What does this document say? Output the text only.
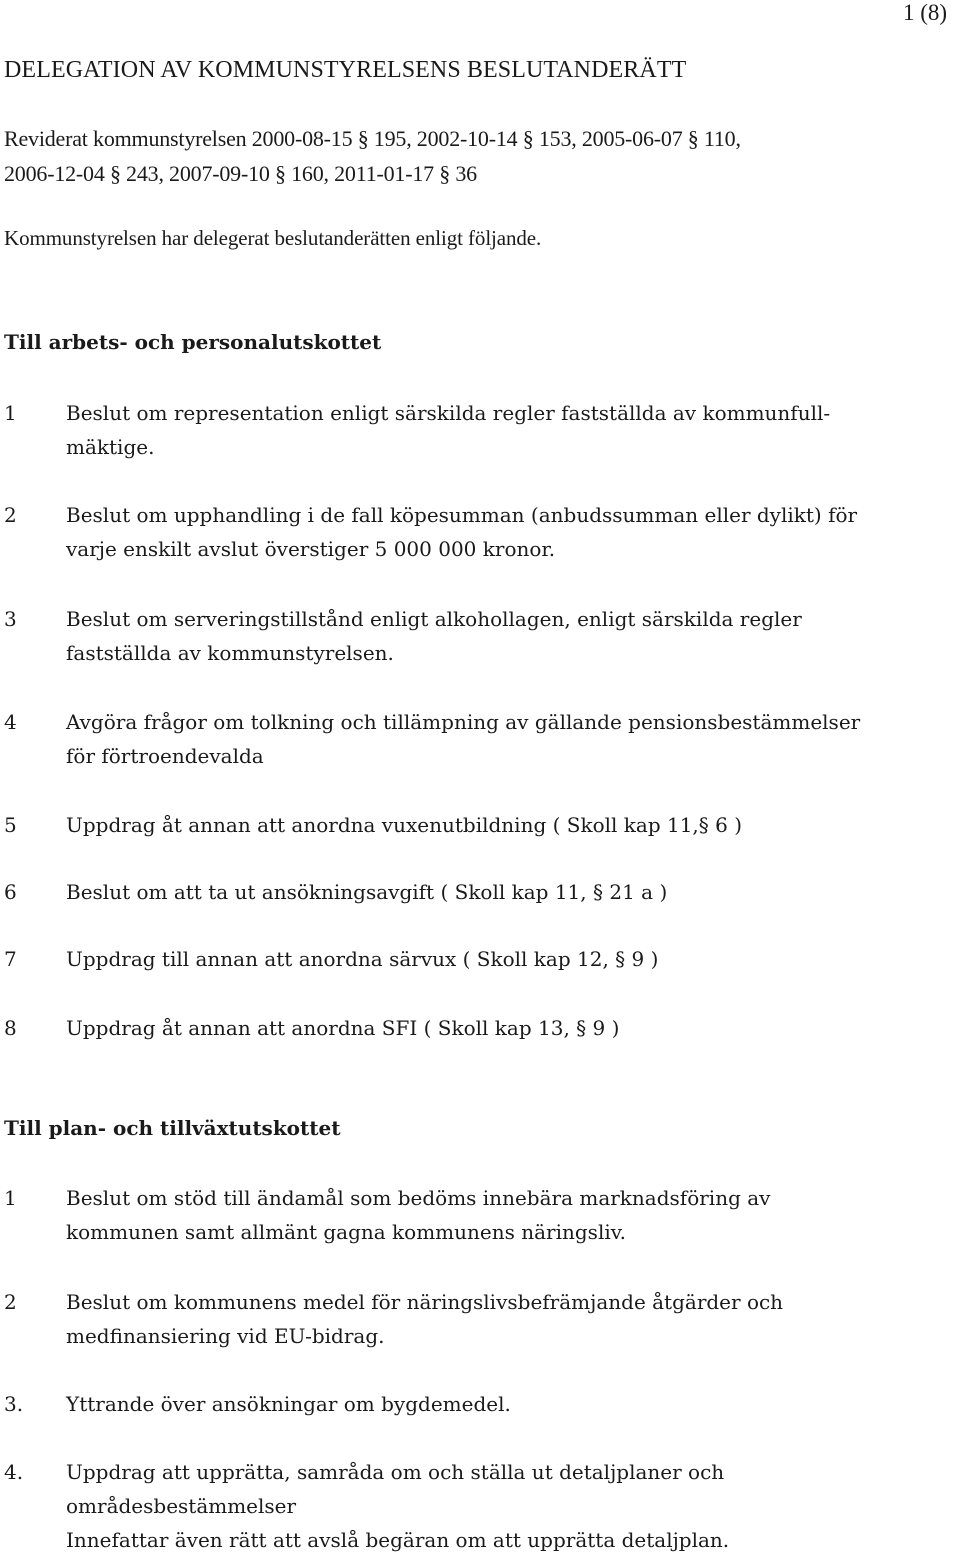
1 (8)
DELEGATION AV KOMMUNSTYRELSENS BESLUTANDERÄTT
Reviderat kommunstyrelsen 2000-08-15 § 195, 2002-10-14 § 153, 2005-06-07 § 110,
2006-12-04 § 243, 2007-09-10 § 160, 2011-01-17 § 36
Kommunstyrelsen har delegerat beslutanderätten enligt följande.
Till arbets- och personalutskottet
1 Beslut om representation enligt särskilda regler fastställda av kommunfull-
mäktige.
2 Beslut om upphandling i de fall köpesumman (anbudssumman eller dylikt) för
varje enskilt avslut överstiger 5 000 000 kronor.
3 Beslut om serveringstillstånd enligt alkohollagen, enligt särskilda regler
fastställda av kommunstyrelsen.
4 Avgöra frågor om tolkning och tillämpning av gällande pensionsbestämmelser
för förtroendevalda
5 Uppdrag åt annan att anordna vuxenutbildning ( Skoll kap 11,§ 6 )
6 Beslut om att ta ut ansökningsavgift ( Skoll kap 11, § 21 a )
7 Uppdrag till annan att anordna särvux ( Skoll kap 12, § 9 )
8 Uppdrag åt annan att anordna SFI ( Skoll kap 13, § 9 )
Till plan- och tillväxtutskottet
1 Beslut om stöd till ändamål som bedöms innebära marknadsföring av
kommunen samt allmänt gagna kommunens näringsliv.
2 Beslut om kommunens medel för näringslivsbefrämjande åtgärder och
medfinansiering vid EU-bidrag.
3. Yttrande över ansökningar om bygdemedel.
4. Uppdrag att upprätta, samråda om och ställa ut detaljplaner och
områdesbestämmelser
Innefattar även rätt att avslå begäran om att upprätta detaljplan.
